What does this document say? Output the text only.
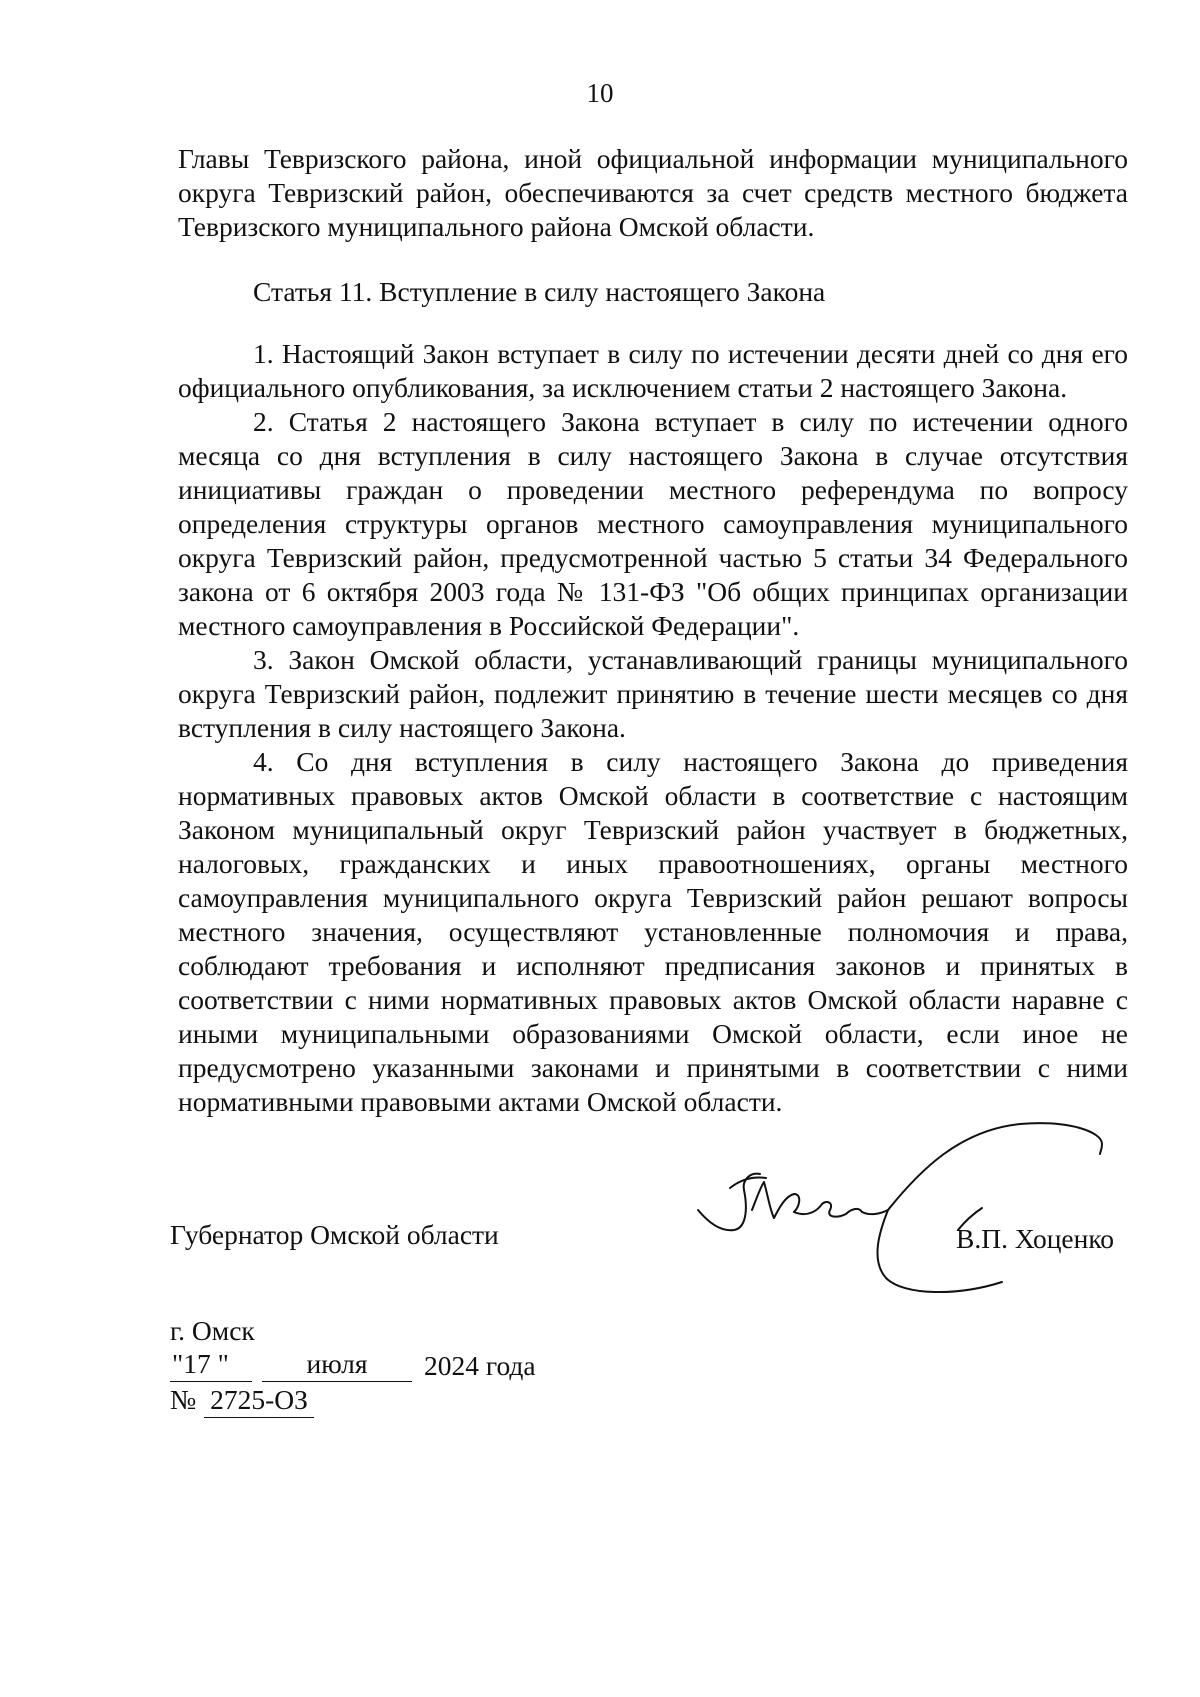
10

Главы Тевризского района, иной официальной информации муниципального округа Тевризский район, обеспечиваются за счет средств местного бюджета Тевризского муниципального района Омской области.

Статья 11. Вступление в силу настоящего Закона

1. Настоящий Закон вступает в силу по истечении десяти дней со дня его официального опубликования, за исключением статьи 2 настоящего Закона.

2. Статья 2 настоящего Закона вступает в силу по истечении одного месяца со дня вступления в силу настоящего Закона в случае отсутствия инициативы граждан о проведении местного референдума по вопросу определения структуры органов местного самоуправления муниципального округа Тевризский район, предусмотренной частью 5 статьи 34 Федерального закона от 6 октября 2003 года № 131-ФЗ "Об общих принципах организации местного самоуправления в Российской Федерации".

3. Закон Омской области, устанавливающий границы муниципального округа Тевризский район, подлежит принятию в течение шести месяцев со дня вступления в силу настоящего Закона.

4. Со дня вступления в силу настоящего Закона до приведения нормативных правовых актов Омской области в соответствие с настоящим Законом муниципальный округ Тевризский район участвует в бюджетных, налоговых, гражданских и иных правоотношениях, органы местного самоуправления муниципального округа Тевризский район решают вопросы местного значения, осуществляют установленные полномочия и права, соблюдают требования и исполняют предписания законов и принятых в соответствии с ними нормативных правовых актов Омской области наравне с иными муниципальными образованиями Омской области, если иное не предусмотрено указанными законами и принятыми в соответствии с ними нормативными правовыми актами Омской области.

Губернатор Омской области	В.П. Хоценко
г. Омск
"17 "	июля	2024 года
№ 2725-ОЗ
